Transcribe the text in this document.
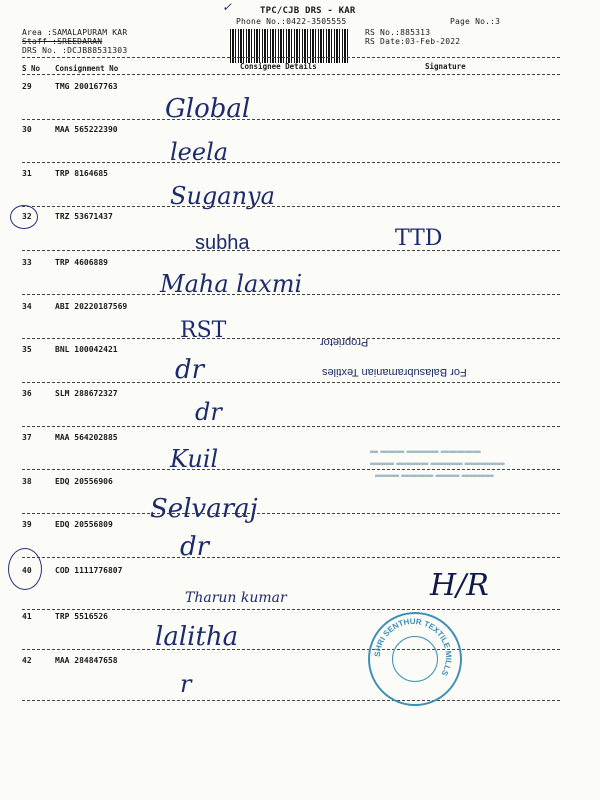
TPC/CJB DRS - KAR
Phone No.:0422-3505555	Page No.:3
Area :SAMALAPURAM KAR
Staff :SREEDARAN
DRS No. :DCJB88531303
RS No.:885313
RS Date:03-Feb-2022
✓
S No Consignment No	Consignee Details	Signature
29	TMG 200167763
Global
30	MAA 565222390
leela
31	TRP 8164685
Suganya
32	TRZ 53671437
subha	TTD
33	TRP 4606889
Maha laxmi
34	ABI 20220187569
RST
35	BNL 100042421
dr
Proprietor
For Balasubramanian Textiles
36	SLM 288672327
dr
37	MAA 564202885
Kuil	▬ ▬▬▬ ▬▬▬▬ ▬▬▬▬▬
▬▬▬ ▬▬▬▬ ▬▬▬▬ ▬▬▬▬▬
▬▬▬ ▬▬▬▬ ▬▬▬ ▬▬▬▬
38	EDQ 20556906
Selvaraj
39	EDQ 20556809
dr
40	COD 1111776807
Tharun kumar	H/R
41	TRP 5516526
lalitha
42	MAA 284847658
r
SHRI SENTHUR TEXTILE MILLS
